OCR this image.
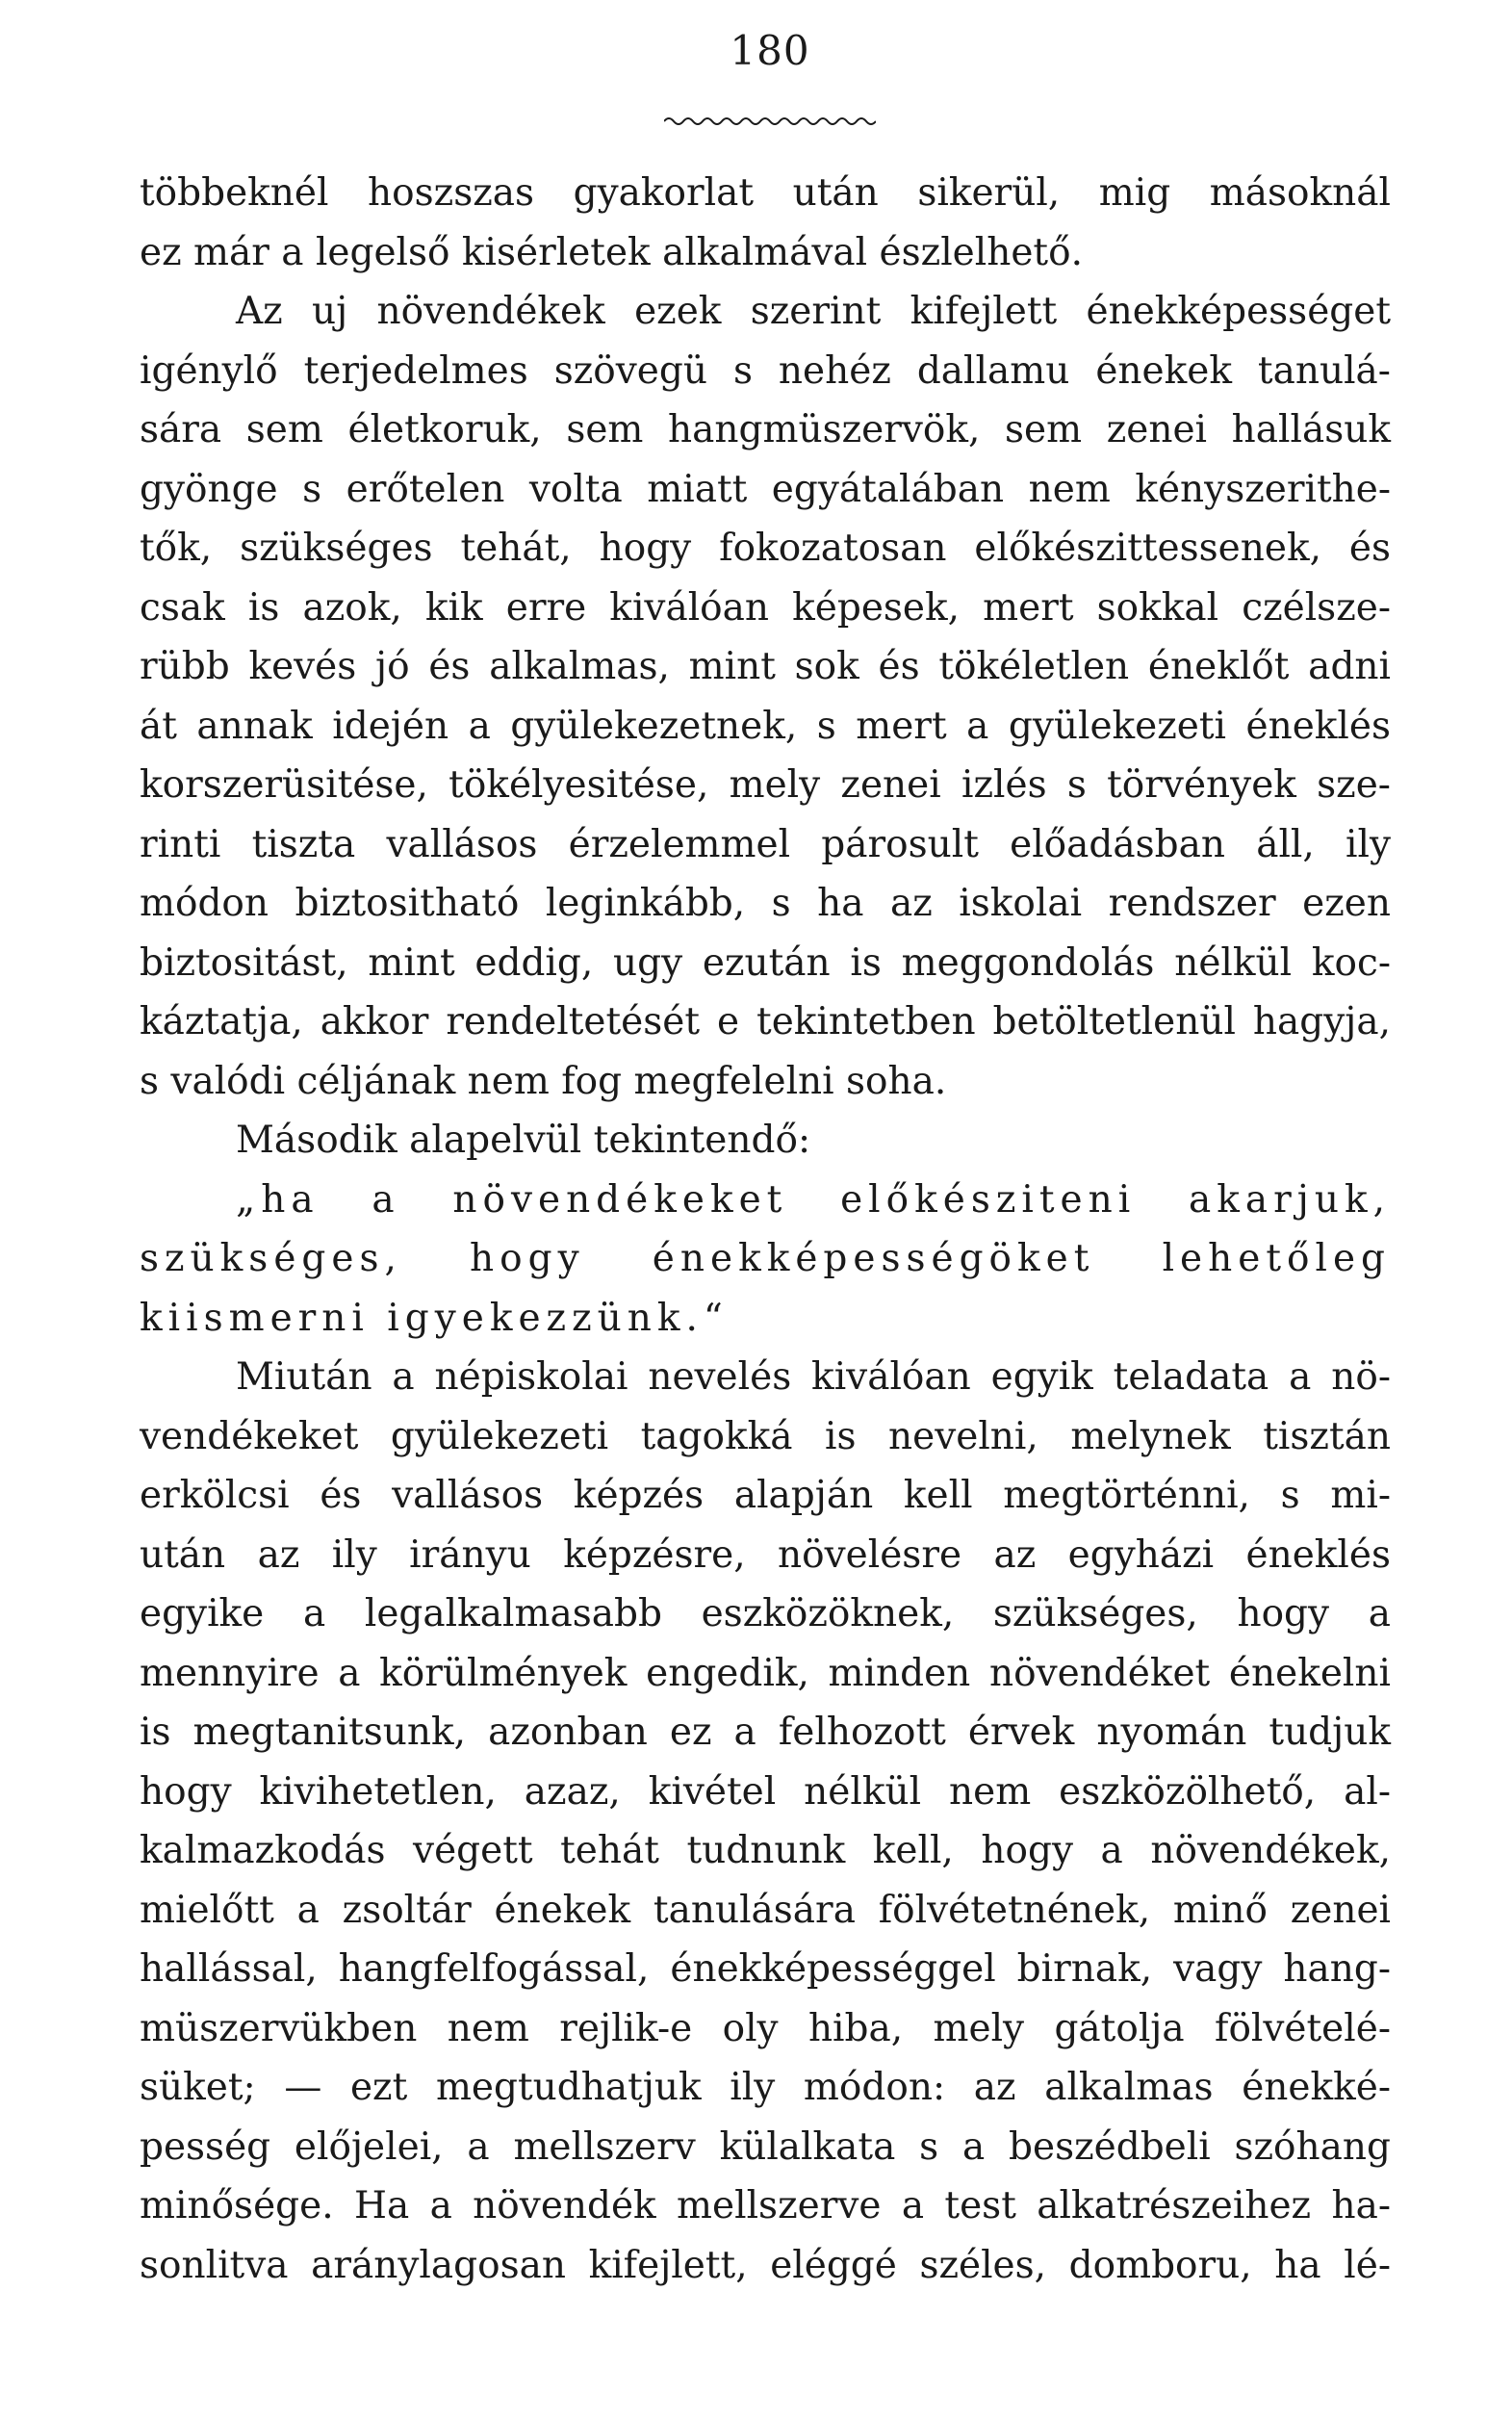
180
többeknél hoszszas gyakorlat után sikerül, mig másoknál
ez már a legelső kisérletek alkalmával észlelhető.
Az uj növendékek ezek szerint kifejlett énekképességet
igénylő terjedelmes szövegü s nehéz dallamu énekek tanulá-
sára sem életkoruk, sem hangmüszervök, sem zenei hallásuk
gyönge s erőtelen volta miatt egyátalában nem kényszerithe-
tők, szükséges tehát, hogy fokozatosan előkészittessenek, és
csak is azok, kik erre kiválóan képesek, mert sokkal czélsze-
rübb kevés jó és alkalmas, mint sok és tökéletlen éneklőt adni
át annak idején a gyülekezetnek, s mert a gyülekezeti éneklés
korszerüsitése, tökélyesitése, mely zenei izlés s törvények sze-
rinti tiszta vallásos érzelemmel párosult előadásban áll, ily
módon biztositható leginkább, s ha az iskolai rendszer ezen
biztositást, mint eddig, ugy ezután is meggondolás nélkül koc-
káztatja, akkor rendeltetését e tekintetben betöltetlenül hagyja,
s valódi céljának nem fog megfelelni soha.
Második alapelvül tekintendő:
„ha a növendékeket előkésziteni akarjuk,
szükséges, hogy énekképességöket lehetőleg
kiismerni igyekezzünk.“
Miután a népiskolai nevelés kiválóan egyik teladata a nö-
vendékeket gyülekezeti tagokká is nevelni, melynek tisztán
erkölcsi és vallásos képzés alapján kell megtörténni, s mi-
után az ily irányu képzésre, növelésre az egyházi éneklés
egyike a legalkalmasabb eszközöknek, szükséges, hogy a
mennyire a körülmények engedik, minden növendéket énekelni
is megtanitsunk, azonban ez a felhozott érvek nyomán tudjuk
hogy kivihetetlen, azaz, kivétel nélkül nem eszközölhető, al-
kalmazkodás végett tehát tudnunk kell, hogy a növendékek,
mielőtt a zsoltár énekek tanulására fölvétetnének, minő zenei
hallással, hangfelfogással, énekképességgel birnak, vagy hang-
müszervükben nem rejlik-e oly hiba, mely gátolja fölvételé-
süket; — ezt megtudhatjuk ily módon: az alkalmas énekké-
pesség előjelei, a mellszerv külalkata s a beszédbeli szóhang
minősége. Ha a növendék mellszerve a test alkatrészeihez ha-
sonlitva aránylagosan kifejlett, eléggé széles, domboru, ha lé-
